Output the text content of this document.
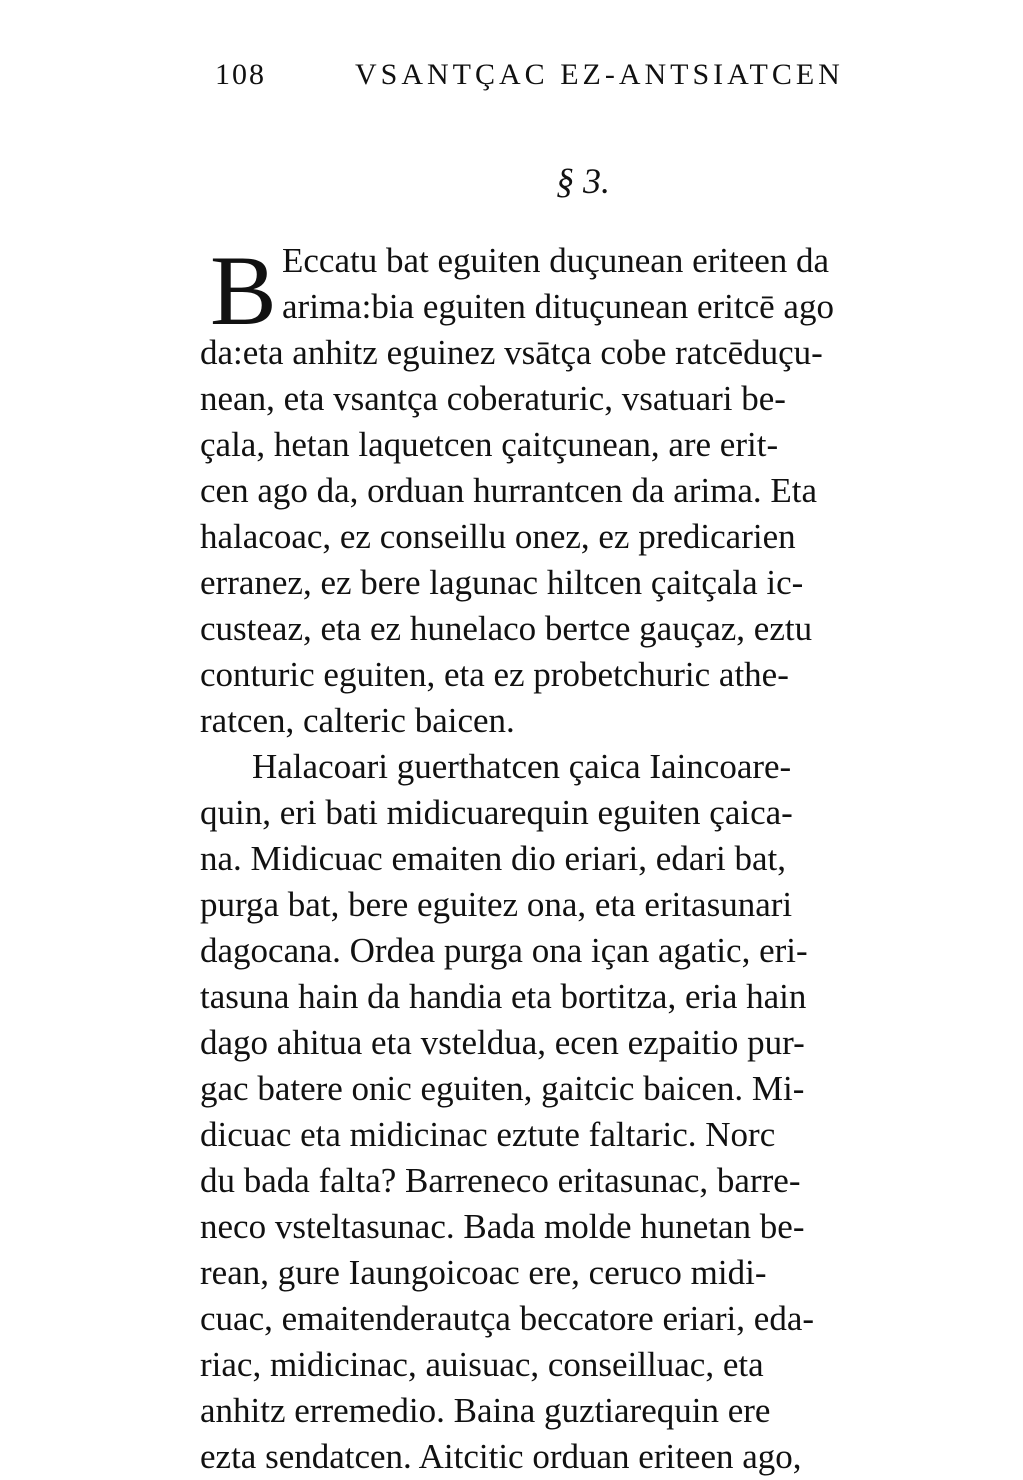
108	VSANTÇAC EZ-ANTSIATCEN
§ 3.
B Eccatu bat eguiten duçunean eriteen da
arima:bia eguiten dituçunean eritcē ago
da:eta anhitz eguinez vsātça cobe ratcēduçu-
nean, eta vsantça coberaturic, vsatuari be-
çala, hetan laquetcen çaitçunean, are erit-
cen ago da, orduan hurrantcen da arima. Eta
halacoac, ez conseillu onez, ez predicarien
erranez, ez bere lagunac hiltcen çaitçala ic-
custeaz, eta ez hunelaco bertce gauçaz, eztu
conturic eguiten, eta ez probetchuric athe-
ratcen, calteric baicen.
Halacoari guerthatcen çaica Iaincoare-
quin, eri bati midicuarequin eguiten çaica-
na. Midicuac emaiten dio eriari, edari bat,
purga bat, bere eguitez ona, eta eritasunari
dagocana. Ordea purga ona içan agatic, eri-
tasuna hain da handia eta bortitza, eria hain
dago ahitua eta vsteldua, ecen ezpaitio pur-
gac batere onic eguiten, gaitcic baicen. Mi-
dicuac eta midicinac eztute faltaric. Norc
du bada falta? Barreneco eritasunac, barre-
neco vsteltasunac. Bada molde hunetan be-
rean, gure Iaungoicoac ere, ceruco midi-
cuac, emaitenderautça beccatore eriari, eda-
riac, midicinac, auisuac, conseilluac, eta
anhitz erremedio. Baina guztiarequin ere
ezta sendatcen. Aitcitic orduan eriteen ago,
